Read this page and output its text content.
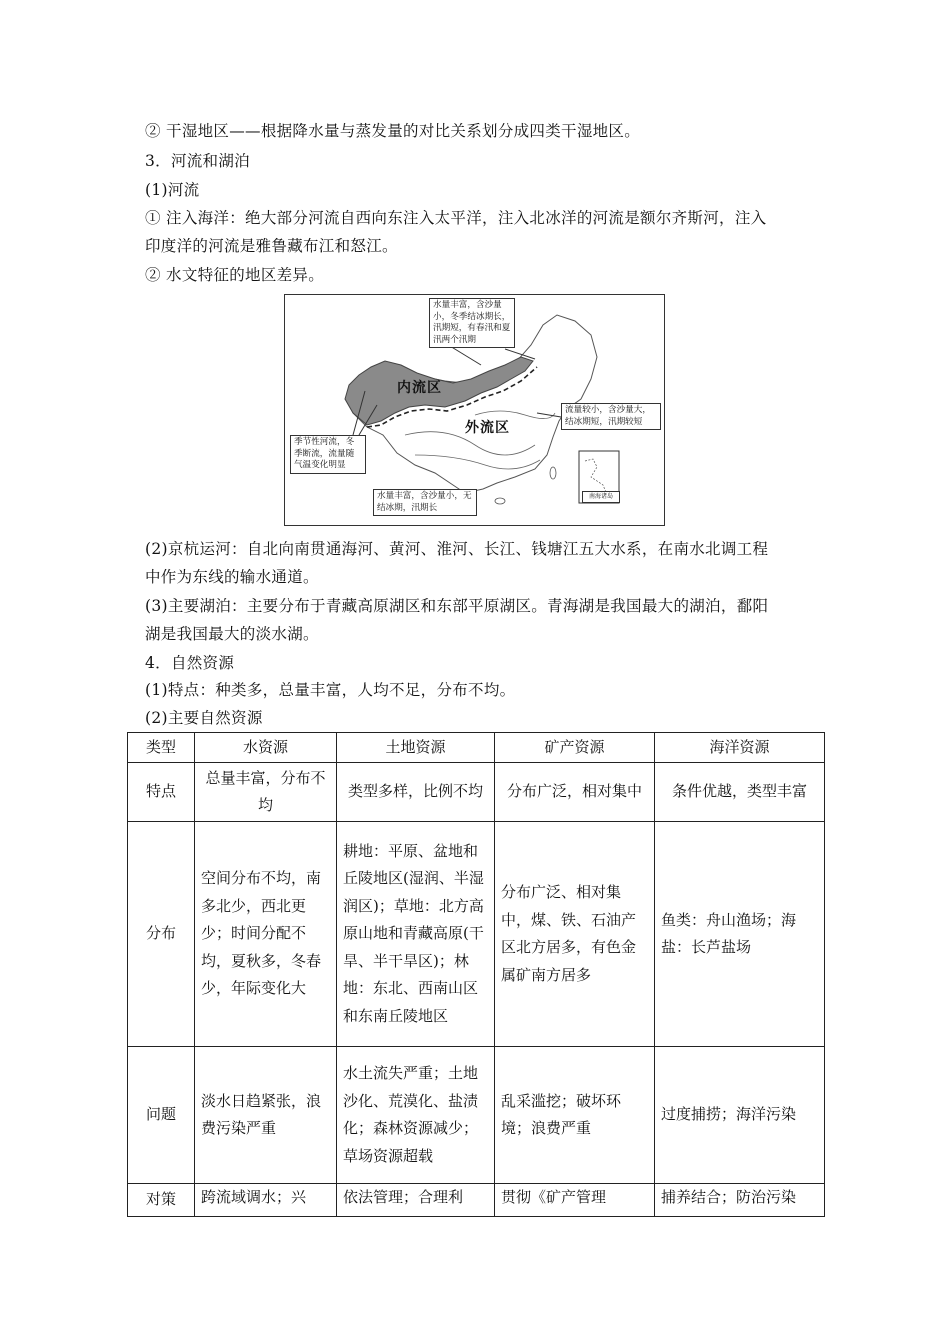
② 干湿地区——根据降水量与蒸发量的对比关系划分成四类干湿地区。
3．河流和湖泊
(1)河流
① 注入海洋：绝大部分河流自西向东注入太平洋，注入北冰洋的河流是额尔齐斯河，注入
印度洋的河流是雅鲁藏布江和怒江。
② 水文特征的地区差异。
内流区
外流区
水量丰富，含沙量小，冬季结冰期长，汛期短，有春汛和夏汛两个汛期
流量较小，含沙量大，结冰期短，汛期较短
季节性河流，冬季断流，流量随气温变化明显
水量丰富，含沙量小，无结冰期，汛期长
南海诸岛
(2)京杭运河：自北向南贯通海河、黄河、淮河、长江、钱塘江五大水系，在南水北调工程
中作为东线的输水通道。
(3)主要湖泊：主要分布于青藏高原湖区和东部平原湖区。青海湖是我国最大的湖泊，鄱阳
湖是我国最大的淡水湖。
4．自然资源
(1)特点：种类多，总量丰富，人均不足，分布不均。
(2)主要自然资源
类型	水资源	土地资源	矿产资源	海洋资源
特点	总量丰富，分布不均	类型多样，比例不均	分布广泛，相对集中	条件优越，类型丰富
分布	空间分布不均，南多北少，西北更少；时间分配不均，夏秋多，冬春少，年际变化大	耕地：平原、盆地和丘陵地区(湿润、半湿润区)；草地：北方高原山地和青藏高原(干旱、半干旱区)；林地：东北、西南山区和东南丘陵地区	分布广泛、相对集中，煤、铁、石油产区北方居多，有色金属矿南方居多	鱼类：舟山渔场；海盐：长芦盐场
问题	淡水日趋紧张，浪费污染严重	水土流失严重；土地沙化、荒漠化、盐渍化；森林资源减少；草场资源超载	乱采滥挖；破坏环境；浪费严重	过度捕捞；海洋污染
对策	跨流域调水；兴	依法管理；合理利	贯彻《矿产管理	捕养结合；防治污染
